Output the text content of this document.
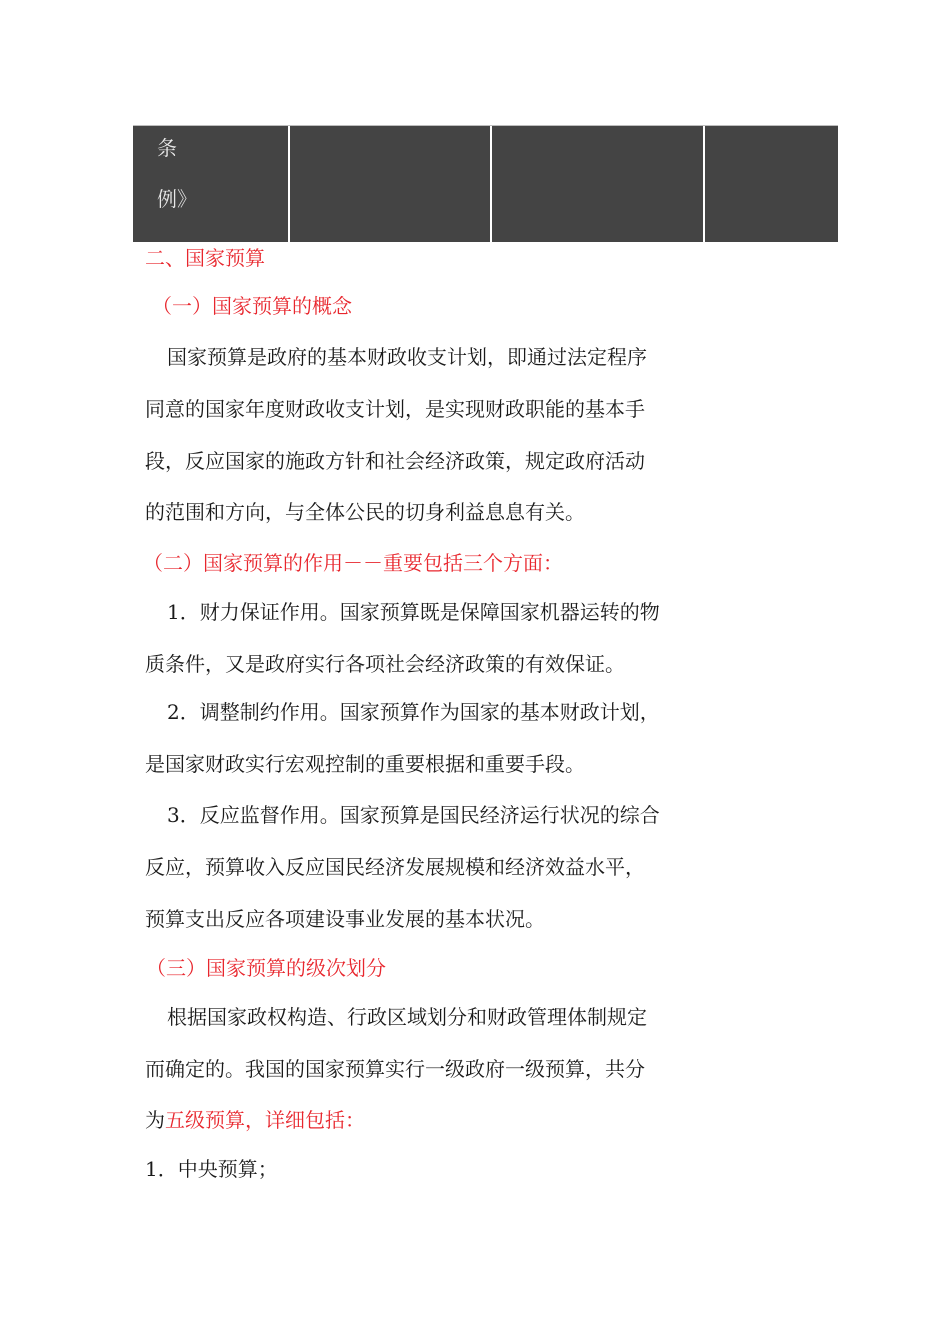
条
例》
二、国家预算
（一）国家预算的概念
国家预算是政府的基本财政收支计划，即通过法定程序
同意的国家年度财政收支计划，是实现财政职能的基本手
段，反应国家的施政方针和社会经济政策，规定政府活动
的范围和方向，与全体公民的切身利益息息有关。
（二）国家预算的作用－－重要包括三个方面：
1．财力保证作用。国家预算既是保障国家机器运转的物
质条件，又是政府实行各项社会经济政策的有效保证。
2．调整制约作用。国家预算作为国家的基本财政计划，
是国家财政实行宏观控制的重要根据和重要手段。
3．反应监督作用。国家预算是国民经济运行状况的综合
反应，预算收入反应国民经济发展规模和经济效益水平，
预算支出反应各项建设事业发展的基本状况。
（三）国家预算的级次划分
根据国家政权构造、行政区域划分和财政管理体制规定
而确定的。我国的国家预算实行一级政府一级预算，共分
为五级预算，详细包括：
1．中央预算；
